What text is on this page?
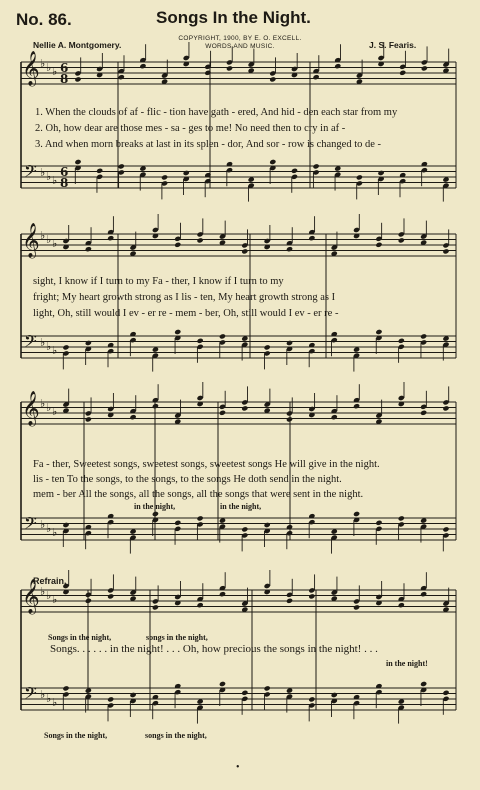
No. 86.	Songs In the Night.
COPYRIGHT, 1900, BY E. O. EXCELL.
WORDS AND MUSIC.
Nellie A. Montgomery.	J. S. Fearis.
𝄞
𝄢
♭ ♭ ♭
♭ ♭ ♭
6
6
8
8
𝄞
𝄢
♭ ♭ ♭
♭ ♭ ♭
𝄞
𝄢
♭ ♭ ♭
♭ ♭ ♭
𝄞
𝄢
♭ ♭ ♭
♭ ♭ ♭
1. When the clouds of af - flic - tion have gath - ered, And hid - den each star from my
2. Oh, how dear are those mes - sa - ges to me! No need then to cry in af -
3. And when morn breaks at last in its splen - dor, And sor - row is changed to de -
sight, I know if I turn to my Fa - ther, I know if I turn to my
fright; My heart growth strong as I lis - ten, My heart growth strong as I
light, Oh, still would I ev - er re - mem - ber, Oh, still would I ev - er re -
Fa - ther, Sweetest songs, sweetest songs, sweetest songs He will give in the night.
lis - ten To the songs, to the songs, to the songs He doth send in the night.
mem - ber All the songs, all the songs, all the songs that were sent in the night.
in the night,	in the night,
Refrain.
Songs in the night,	songs in the night,
Songs. . . . . . in the night! . . . Oh, how precious the songs in the night! . . .
in the night!
Songs in the night,	songs in the night,
•
